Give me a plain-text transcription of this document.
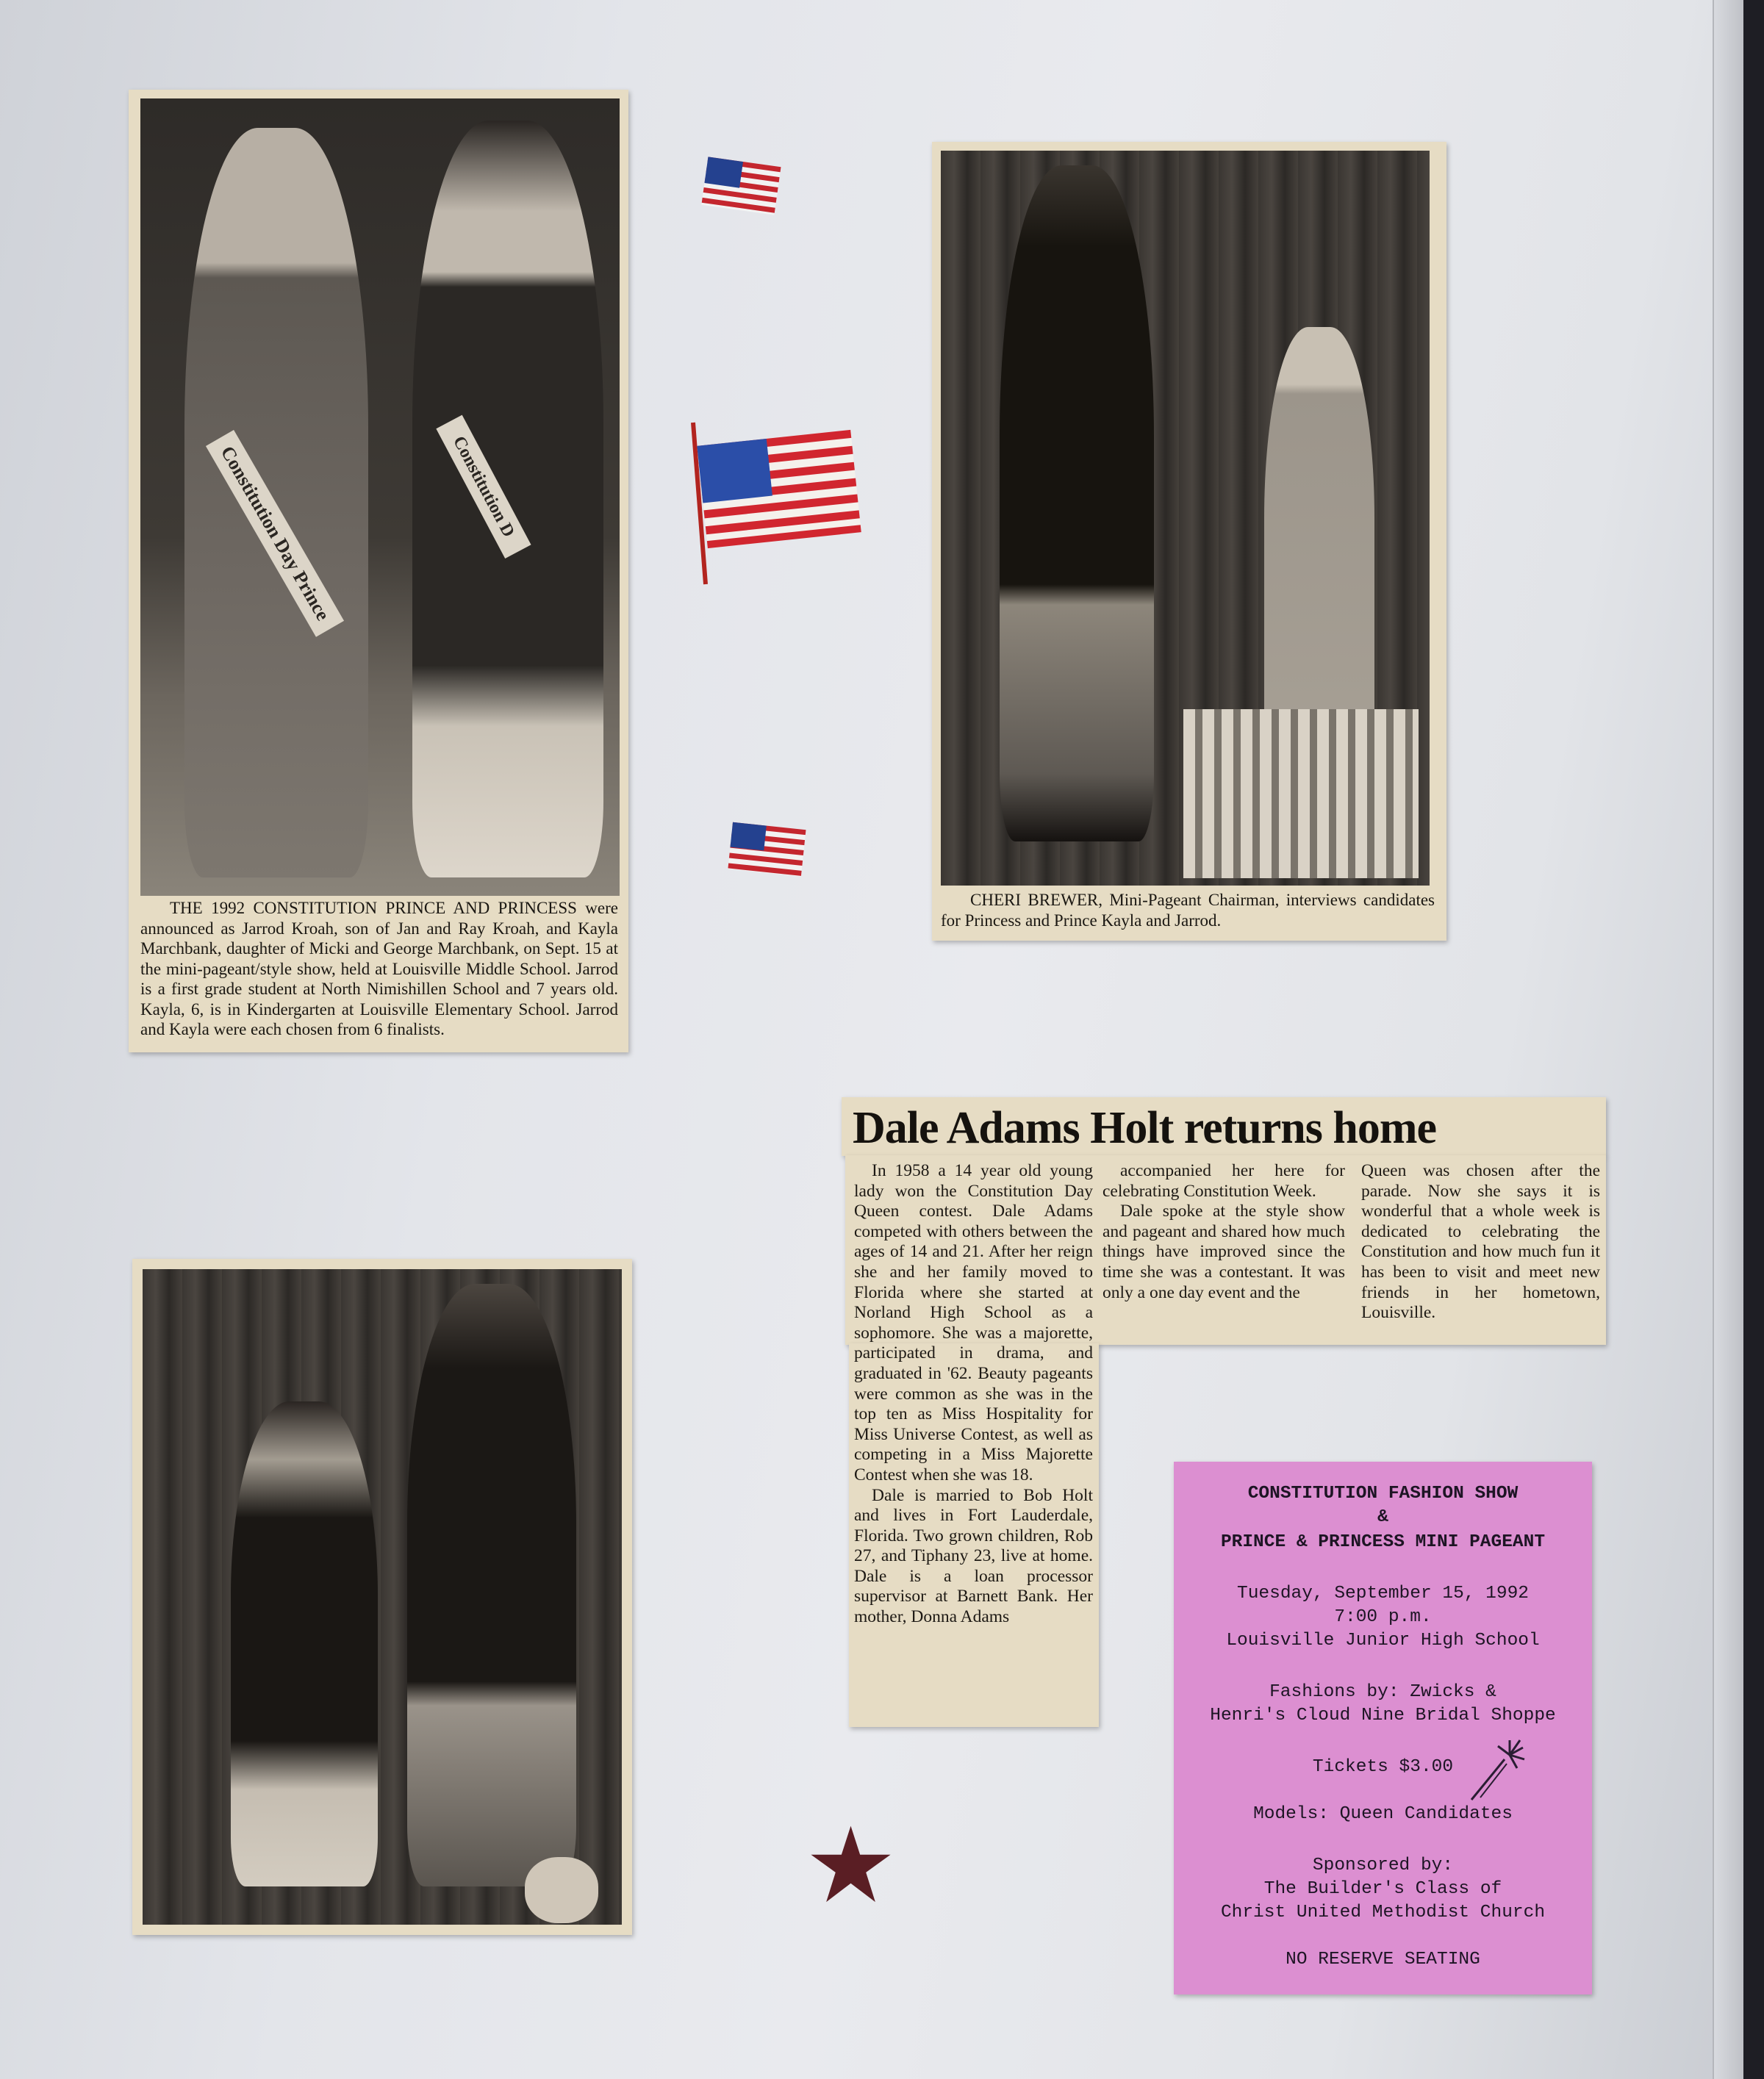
Constitution Day Prince	Constitution D
THE 1992 CONSTITUTION PRINCE AND PRINCESS were announced as Jarrod Kroah, son of Jan and Ray Kroah, and Kayla Marchbank, daughter of Micki and George Marchbank, on Sept. 15 at the mini-pageant/style show, held at Louisville Middle School. Jarrod is a first grade student at North Nimishillen School and 7 years old. Kayla, 6, is in Kindergarten at Louisville Elementary School. Jarrod and Kayla were each chosen from 6 finalists.
CHERI BREWER, Mini-Pageant Chairman, interviews candidates for Princess and Prince Kayla and Jarrod.
Dale Adams Holt returns home

In 1958 a 14 year old young lady won the Constitution Day Queen contest. Dale Adams competed with others between the ages of 14 and 21. After her reign she and her family moved to Florida where she started at Norland High School as a sophomore. She was a majorette, participated in drama, and graduated in '62. Beauty pageants were common as she was in the top ten as Miss Hospitality for Miss Universe Contest, as well as competing in a Miss Majorette Contest when she was 18.

Dale is married to Bob Holt and lives in Fort Lauderdale, Florida. Two grown children, Rob 27, and Tiphany 23, live at home. Dale is a loan processor supervisor at Barnett Bank. Her mother, Donna Adams

accompanied her here for celebrating Constitution Week.

Dale spoke at the style show and pageant and shared how much things have improved since the time she was a contestant. It was only a one day event and the

Queen was chosen after the parade. Now she says it is wonderful that a whole week is dedicated to celebrating the Constitution and how much fun it has been to visit and meet new friends in her hometown, Louisville.

CONSTITUTION FASHION SHOW
&
PRINCE & PRINCESS MINI PAGEANT
Tuesday, September 15, 1992
7:00 p.m.
Louisville Junior High School
Fashions by: Zwicks &
Henri's Cloud Nine Bridal Shoppe
Tickets $3.00
Models: Queen Candidates
Sponsored by:
The Builder's Class of
Christ United Methodist Church
NO RESERVE SEATING
